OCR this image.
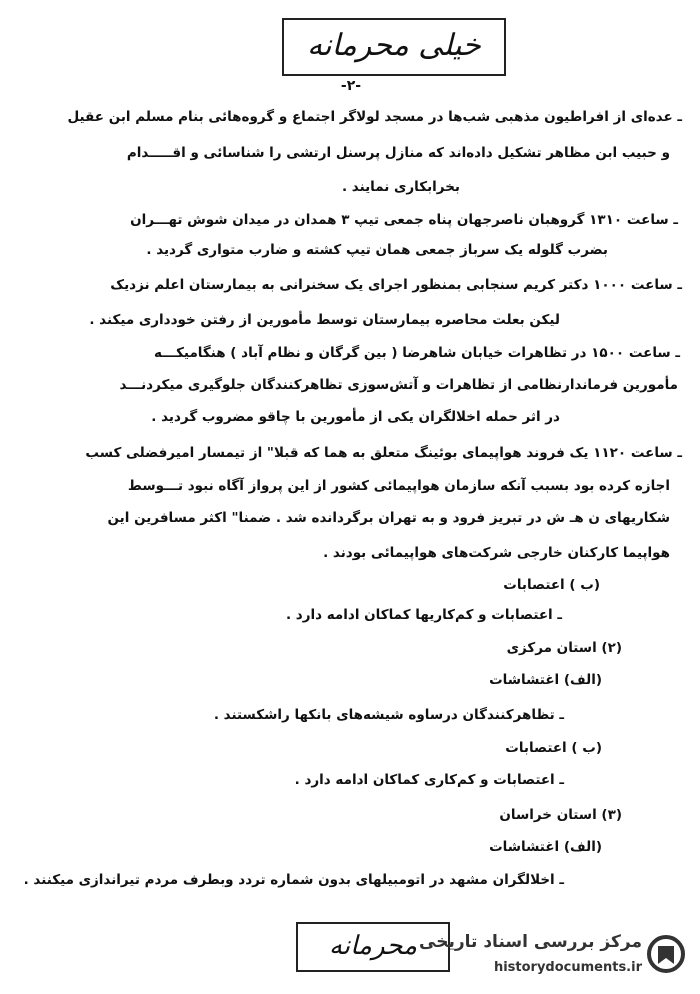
خیلی محرمانه
-۲-
ـ عده‌ای از افراطیون مذهبی شب‌ها در مسجد لولاگر اجتماع و گروه‌هائی بنام مسلم ابن عقیل
و حبیب ابن مظاهر تشکیل داده‌اند که منازل پرسنل ارتشی را شناسائی و اقـــــدام
بخرابکاری نمایند .
ـ ساعت ۱۳۱۰ گروهبان ناصرجهان پناه جمعی تیپ ۳ همدان در میدان شوش تهـــران
بضرب گلوله یک سرباز جمعی همان تیپ کشته و ضارب متواری گردید .
ـ ساعت ۱۰۰۰ دکتر کریم سنجابی بمنظور اجرای یک سخنرانی به بیمارستان اعلم نزدیک
لیکن بعلت محاصره بیمارستان توسط مأمورین از رفتن خودداری میکند .
ـ ساعت ۱۵۰۰ در تظاهرات خیابان شاهرضا ( بین گرگان و نظام آباد ) هنگامیکـــه
مأمورین فرماندارنظامی از تظاهرات و آتش‌سوزی تظاهرکنندگان جلوگیری میکردنـــد
در اثر حمله اخلالگران یکی از مأمورین با چاقو مضروب گردید .
ـ ساعت ۱۱۲۰ یک فروند هواپیمای بوئینگ متعلق به هما که قبلا" از تیمسار امیرفضلی کسب
اجازه کرده بود بسبب آنکه سازمان هواپیمائی کشور از این پرواز آگاه نبود تـــوسط
شکاریهای ن هـ ش در تبریز فرود و به تهران برگردانده شد . ضمنا" اکثر مسافرین این
هواپیما کارکنان خارجی شرکت‌های هواپیمائی بودند .
(ب ) اعتصابات
ـ اعتصابات و کم‌کاریها کماکان ادامه دارد .
(۲) استان مرکزی
(الف) اغتشاشات
ـ تظاهرکنندگان درساوه شیشه‌های بانکها راشکستند .
(ب ) اعتصابات
ـ اعتصابات و کم‌کاری کماکان ادامه دارد .
(۳) استان خراسان
(الف) اغتشاشات
ـ اخلالگران مشهد در اتومبیلهای بدون شماره تردد وبطرف مردم تیراندازی میکنند .
محرمانه مرکز بررسی اسناد تاریخی
historydocuments.ir
